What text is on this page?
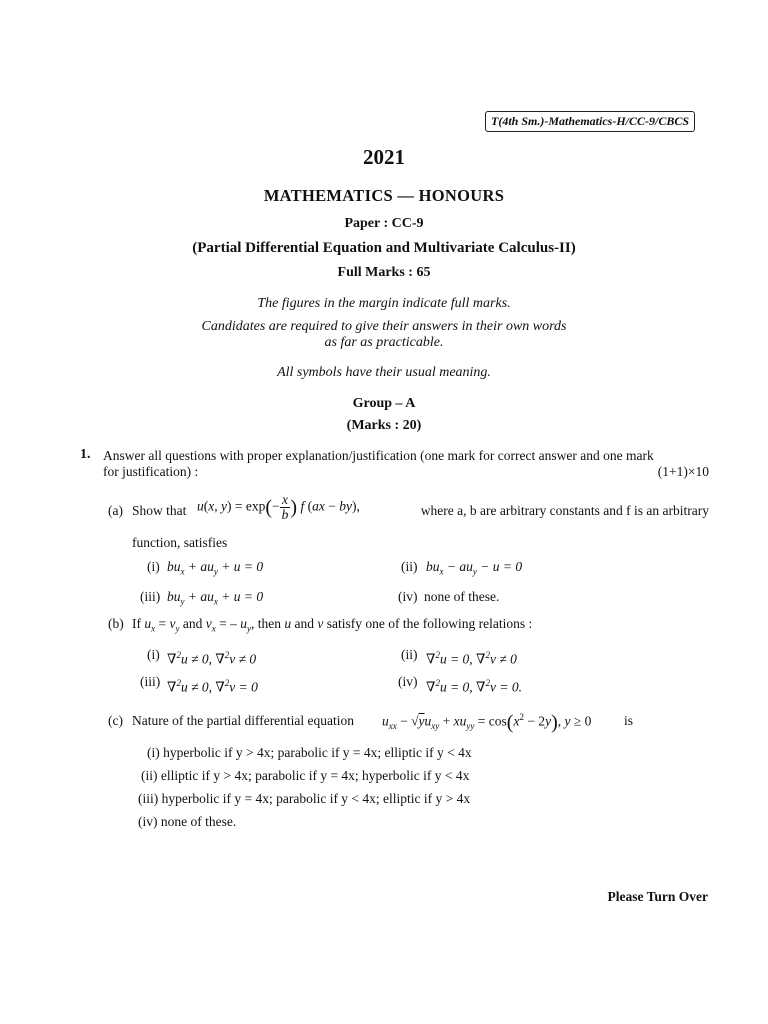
T(4th Sm.)-Mathematics-H/CC-9/CBCS
2021
MATHEMATICS — HONOURS
Paper : CC-9
(Partial Differential Equation and Multivariate Calculus-II)
Full Marks : 65
The figures in the margin indicate full marks.
Candidates are required to give their answers in their own words
as far as practicable.
All symbols have their usual meaning.
Group – A
(Marks : 20)
1. Answer all questions with proper explanation/justification (one mark for correct answer and one mark
for justification) :	(1+1)×10
(a) Show that u(x, $y) = \exp(- \frac{x}{b}$ ) f (ax − by),	where a, b are arbitrary constants and f is an arbitrary
function, satisfies
(i) $bu_x + au_y + u = 0$	(ii) $bu_x - au_y - u = 0$
(iii) $bu_y + au_x + u = 0$	(iv) none of these.
(b) If $u_x = v_y$ and $v_x$ = – $u_y$, then u and v satisfy one of the following relations :
(i) ∇$^2$u ≠ 0, ∇$^2$v ≠ 0	(ii) ∇$^2$u = 0, ∇$^2$v ≠ 0
(iii) ∇$^2$u ≠ 0, ∇$^2$v = 0	(iv) ∇$^2$u = 0, ∇$^2$v = 0.
(c) Nature of the partial differential equation $u_{xx} - √yu_{xy} + xu_{yy} = \cos(x^2 - 2y)$, y ≥ 0 is
(i) hyperbolic if y > 4x; parabolic if y = 4x; elliptic if y < 4x
(ii) elliptic if y > 4x; parabolic if y = 4x; hyperbolic if y < 4x
(iii) hyperbolic if y = 4x; parabolic if y < 4x; elliptic if y > 4x
(iv) none of these.
Please Turn Over
